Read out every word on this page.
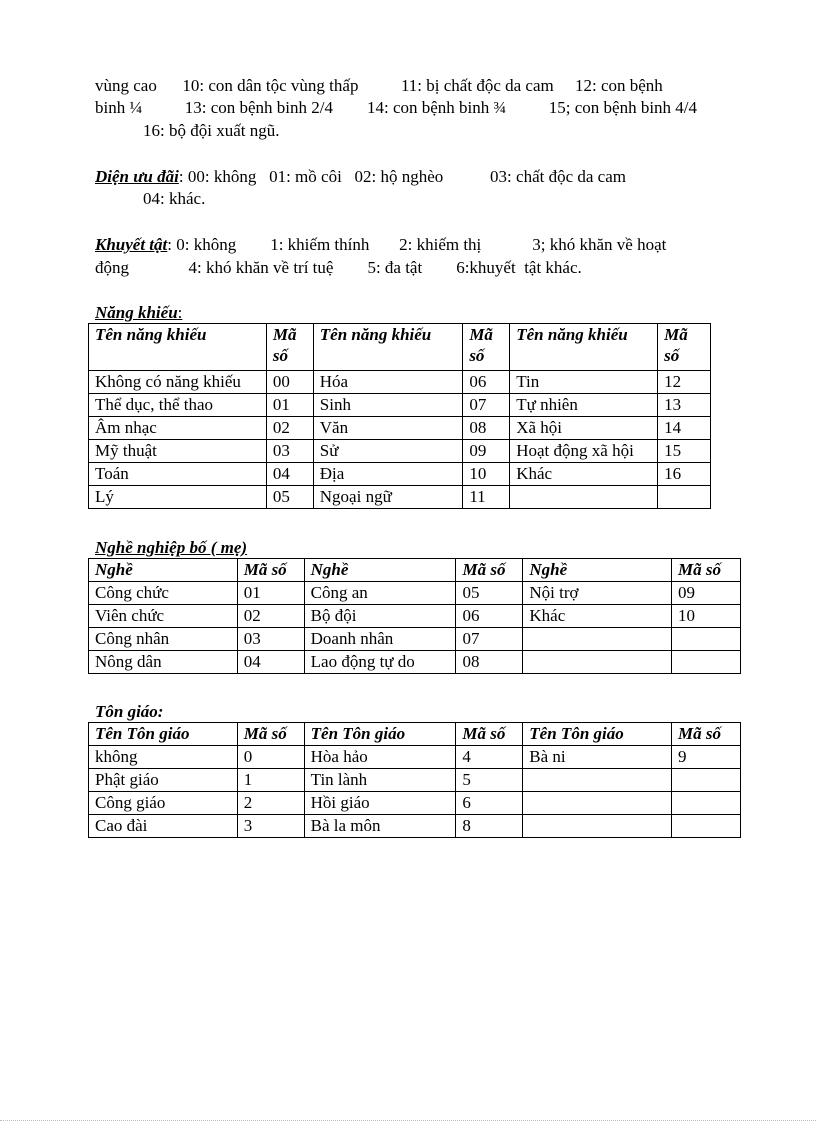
vùng cao      10: con dân tộc vùng thấp          11: bị chất độc da cam     12: con bệnh
binh ¼          13: con bệnh binh 2/4        14: con bệnh binh ¾          15; con bệnh binh 4/4
16: bộ đội xuất ngũ.
Diện ưu đãi: 00: không   01: mồ côi   02: hộ nghèo           03: chất độc da cam
04: khác.
Khuyết tật: 0: không        1: khiếm thính       2: khiếm thị            3; khó khăn về hoạt
động              4: khó khăn về trí tuệ        5: đa tật        6:khuyết  tật khác.
Năng khiếu:
Tên năng khiếu	Mã số	Tên năng khiếu	Mã số	Tên năng khiếu	Mã số
Không có năng khiếu	00	Hóa	06	Tin	12
Thể dục, thể thao	01	Sinh	07	Tự nhiên	13
Âm nhạc	02	Văn	08	Xã hội	14
Mỹ thuật	03	Sử	09	Hoạt động xã hội	15
Toán	04	Địa	10	Khác	16
Lý	05	Ngoại ngữ	11		
Nghề nghiệp bố ( mẹ)
Nghề	Mã số	Nghề	Mã số	Nghề	Mã số
Công chức	01	Công an	05	Nội trợ	09
Viên chức	02	Bộ đội	06	Khác	10
Công nhân	03	Doanh nhân	07		
Nông dân	04	Lao động tự do	08		
Tôn giáo:
Tên Tôn giáo	Mã số	Tên Tôn giáo	Mã số	Tên Tôn giáo	Mã số
không	0	Hòa hảo	4	Bà ni	9
Phật giáo	1	Tin lành	5		
Công giáo	2	Hồi giáo	6		
Cao đài	3	Bà la môn	8		
